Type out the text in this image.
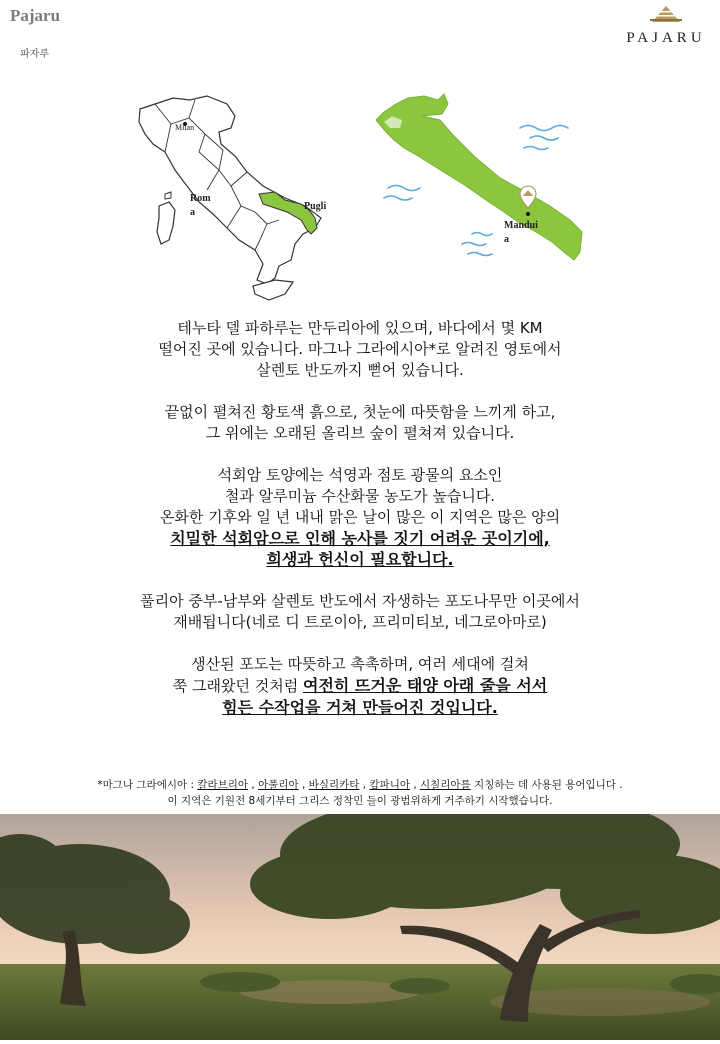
Pajaru
파자루
PAJARU
Milan
Rom
a
Pugli
Mandui
a

테누타 델 파하루는 만두리아에 있으며, 바다에서 몇 KM

떨어진 곳에 있습니다. 마그나 그라에시아*로 알려진 영토에서

살렌토 반도까지 뻗어 있습니다.

끝없이 펼쳐진 황토색 흙으로, 첫눈에 따뜻함을 느끼게 하고,

그 위에는 오래된 올리브 숲이 펼쳐져 있습니다.

석회암 토양에는 석영과 점토 광물의 요소인

철과 알루미늄 수산화물 농도가 높습니다.

온화한 기후와 일 년 내내 맑은 날이 많은 이 지역은 많은 양의

치밀한 석회암으로 인해 농사를 짓기 어려운 곳이기에,

희생과 헌신이 필요합니다.

풀리아 중부-남부와 살렌토 반도에서 자생하는 포도나무만 이곳에서

재배됩니다(네로 디 트로이아, 프리미티보, 네그로아마로)

생산된 포도는 따뜻하고 촉촉하며, 여러 세대에 걸쳐

쭉 그래왔던 것처럼 여전히 뜨거운 태양 아래 줄을 서서

힘든 수작업을 거쳐 만들어진 것입니다.

*마그나 그라에시아 : 칼라브리아 , 아풀리아 , 바실리카타 , 캄파니아 , 시칠리아를 지칭하는 데 사용된 용어입니다 .
이 지역은 기원전 8세기부터 그리스 정착민 들이 광범위하게 거주하기 시작했습니다.
